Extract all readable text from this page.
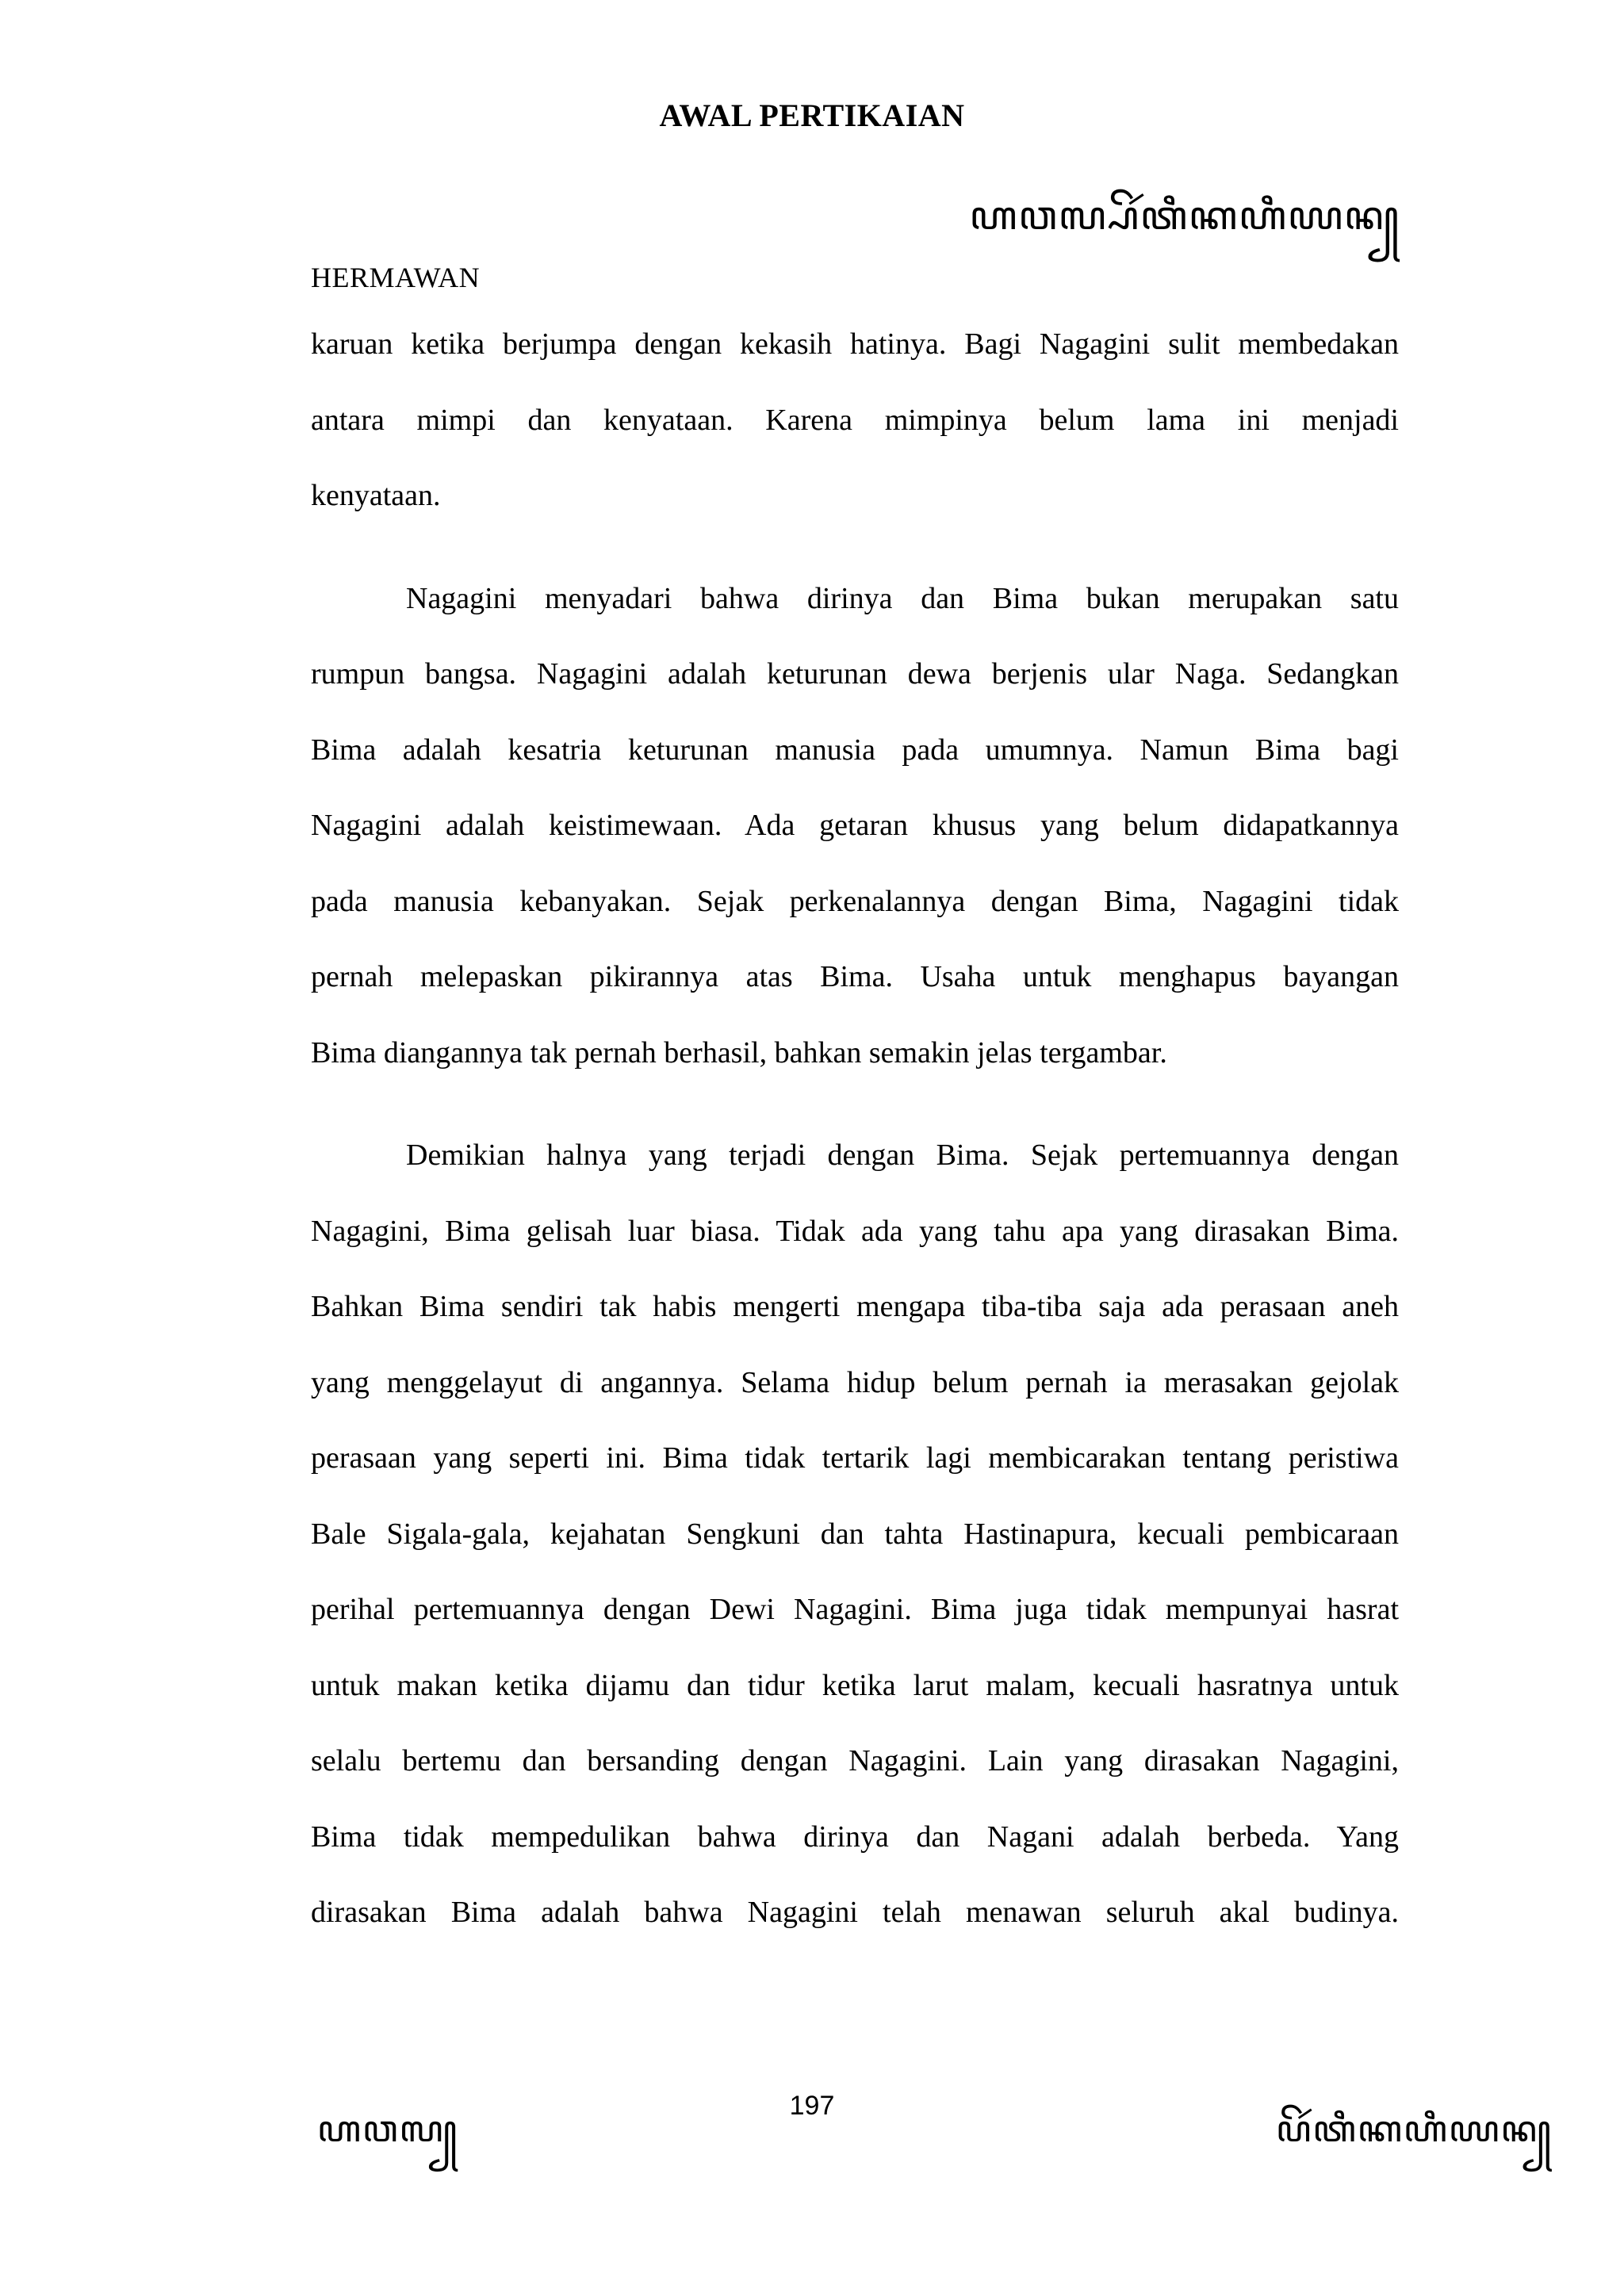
AWAL PERTIKAIAN
ꦲꦮꦭ꧀ꦥꦼꦂꦠꦶꦏꦲꦶꦪꦤ꧀
HERMAWAN

karuan ketika berjumpa dengan kekasih hatinya. Bagi Nagagini sulit membedakan
antara mimpi dan kenyataan. Karena mimpinya belum lama ini menjadi
kenyataan.

Nagagini menyadari bahwa dirinya dan Bima bukan merupakan satu
rumpun bangsa. Nagagini adalah keturunan dewa berjenis ular Naga. Sedangkan
Bima adalah kesatria keturunan manusia pada umumnya. Namun Bima bagi
Nagagini adalah keistimewaan. Ada getaran khusus yang belum didapatkannya
pada manusia kebanyakan. Sejak perkenalannya dengan Bima, Nagagini tidak
pernah melepaskan pikirannya atas Bima. Usaha untuk menghapus bayangan
Bima diangannya tak pernah berhasil, bahkan semakin jelas tergambar.

Demikian halnya yang terjadi dengan Bima. Sejak pertemuannya dengan
Nagagini, Bima gelisah luar biasa. Tidak ada yang tahu apa yang dirasakan Bima.
Bahkan Bima sendiri tak habis mengerti mengapa tiba-tiba saja ada perasaan aneh
yang menggelayut di angannya. Selama hidup belum pernah ia merasakan gejolak
perasaan yang seperti ini. Bima tidak tertarik lagi membicarakan tentang peristiwa
Bale Sigala-gala, kejahatan Sengkuni dan tahta Hastinapura, kecuali pembicaraan
perihal pertemuannya dengan Dewi Nagagini. Bima juga tidak mempunyai hasrat
untuk makan ketika dijamu dan tidur ketika larut malam, kecuali hasratnya untuk
selalu bertemu dan bersanding dengan Nagagini. Lain yang dirasakan Nagagini,
Bima tidak mempedulikan bahwa dirinya dan Nagani adalah berbeda. Yang
dirasakan Bima adalah bahwa Nagagini telah menawan seluruh akal budinya.

197
ꦲꦮꦭ꧀	ꦥꦼꦂꦠꦶꦏꦲꦶꦪꦤ꧀
